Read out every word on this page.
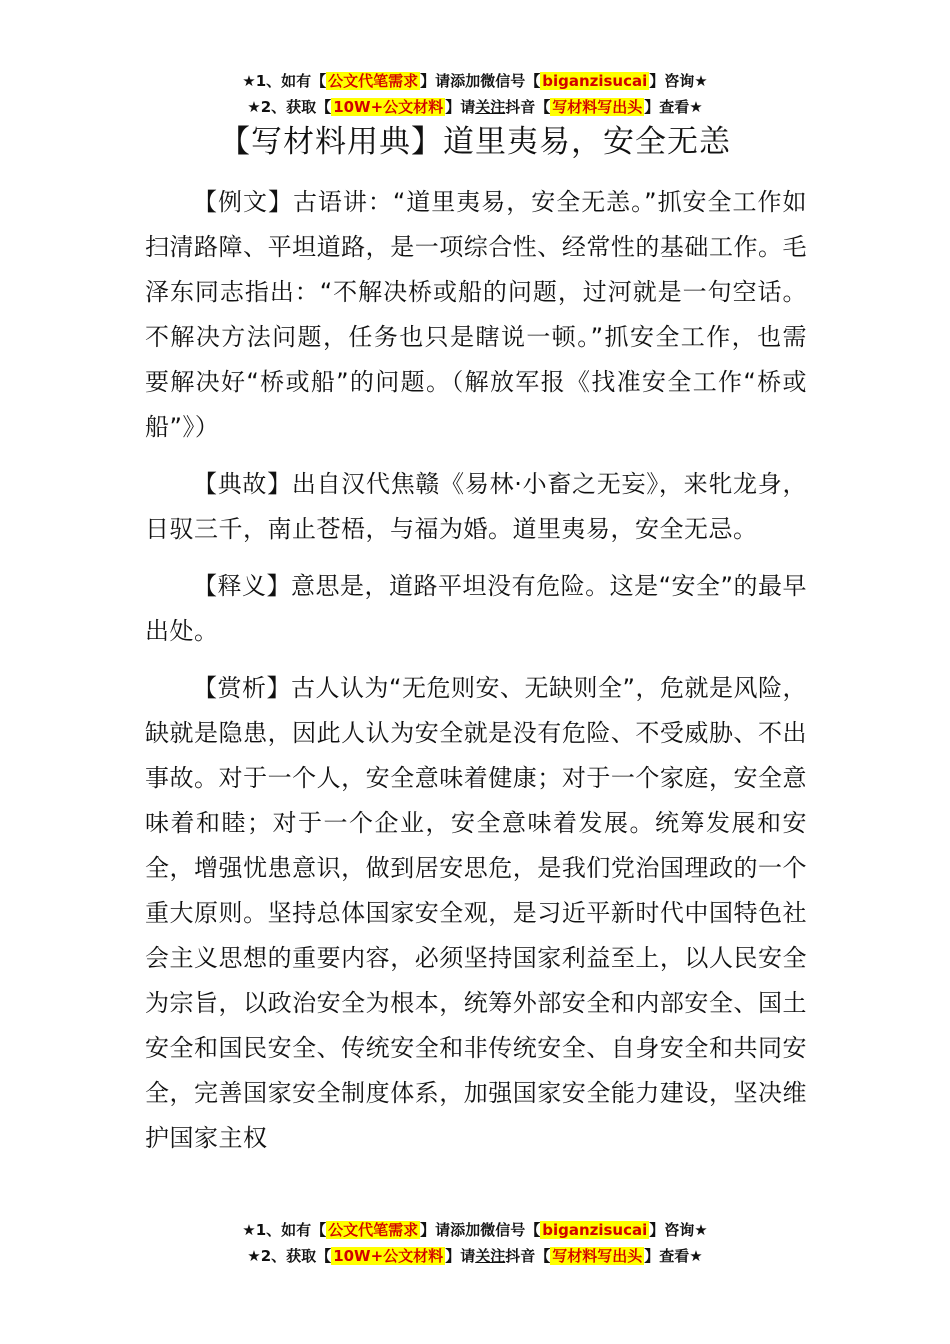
★1、如有【 公文代笔需求 】请添加微信号【 biganzisucai 】咨询★
★2、获取【 10W+公文材料 】请关注抖音【 写材料写出头 】查看★
【写材料用典】道里夷易，安全无恙

【例文】古语讲：“道里夷易，安全无恙。”抓安全工作如扫清路障、平坦道路，是一项综合性、经常性的基础工作。毛泽东同志指出：“不解决桥或船的问题，过河就是一句空话。不解决方法问题，任务也只是瞎说一顿。”抓安全工作，也需要解决好“桥或船”的问题。（解放军报《找准安全工作“桥或船”》）

【典故】出自汉代焦赣《易林·小畜之无妄》，来牝龙身，日驭三千，南止苍梧，与福为婚。道里夷易，安全无忌。

【释义】意思是，道路平坦没有危险。这是“安全”的最早出处。

【赏析】古人认为“无危则安、无缺则全”，危就是风险，缺就是隐患，因此人认为安全就是没有危险、不受威胁、不出事故。对于一个人，安全意味着健康；对于一个家庭，安全意味着和睦；对于一个企业，安全意味着发展。统筹发展和安全，增强忧患意识，做到居安思危，是我们党治国理政的一个重大原则。坚持总体国家安全观，是习近平新时代中国特色社会主义思想的重要内容，必须坚持国家利益至上，以人民安全为宗旨，以政治安全为根本，统筹外部安全和内部安全、国土安全和国民安全、传统安全和非传统安全、自身安全和共同安全，完善国家安全制度体系，加强国家安全能力建设，坚决维护国家主权

★1、如有【 公文代笔需求 】请添加微信号【 biganzisucai 】咨询★
★2、获取【 10W+公文材料 】请关注抖音【 写材料写出头 】查看★
